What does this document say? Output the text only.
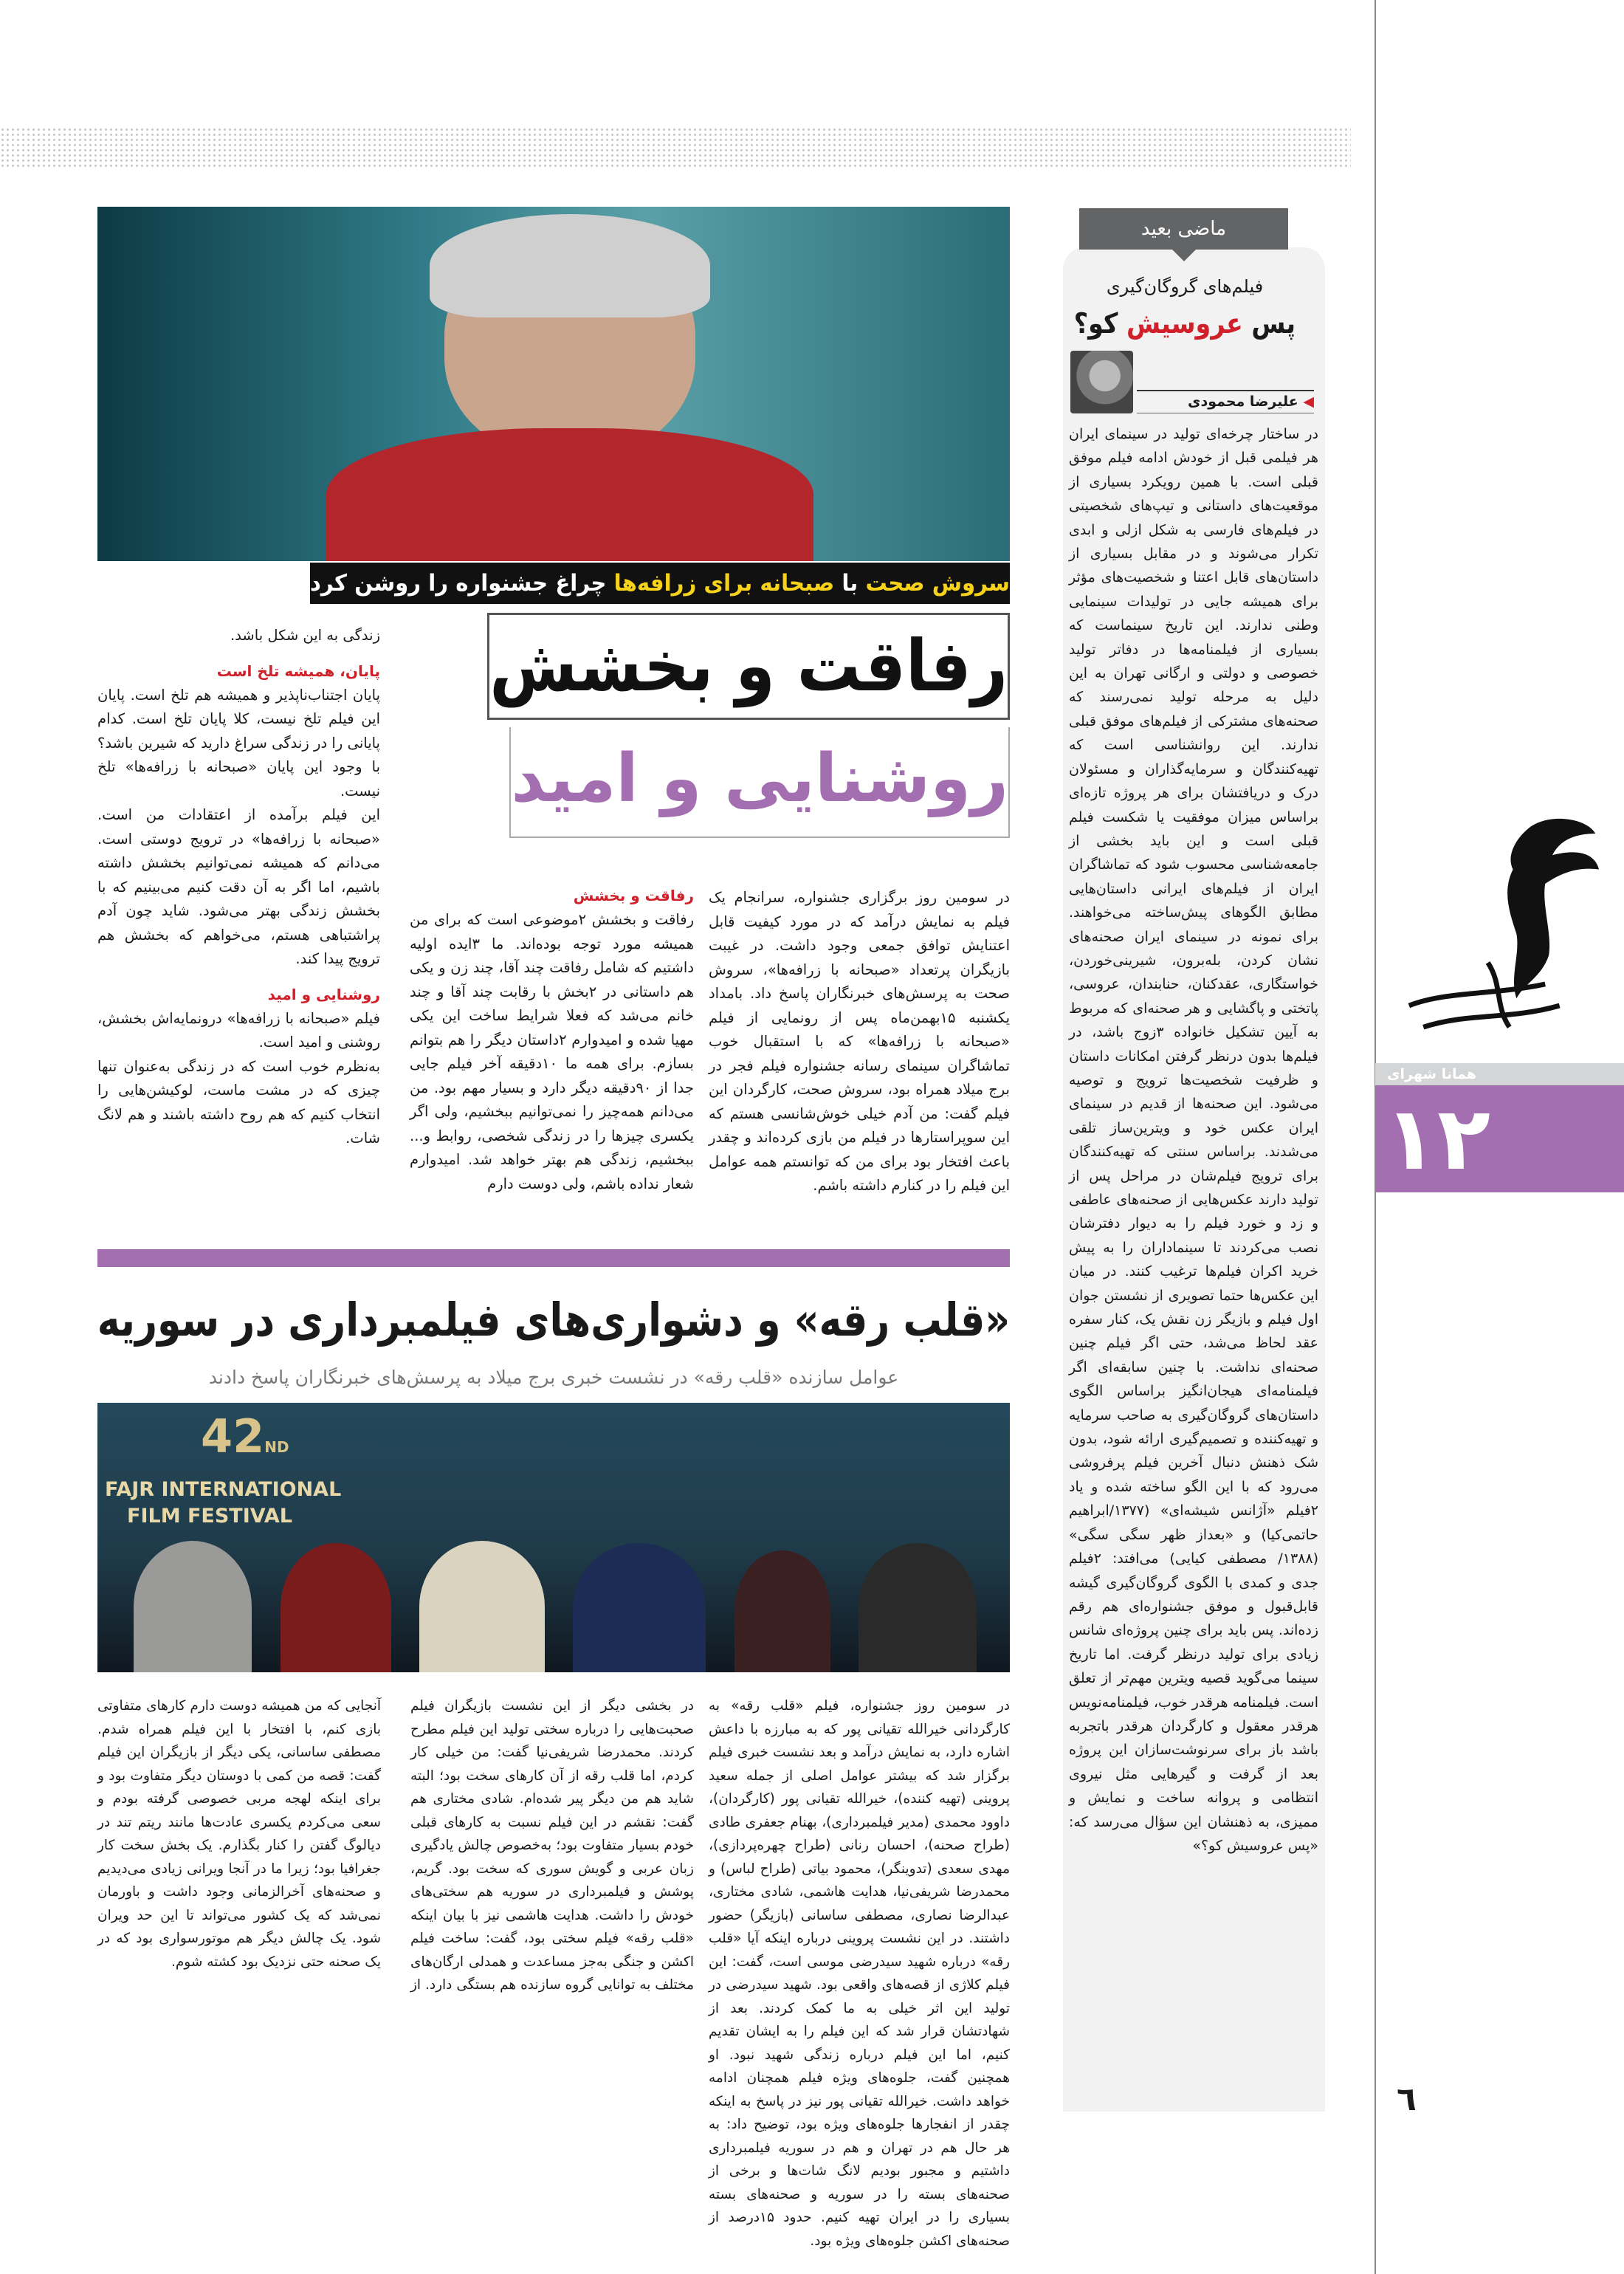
١٢
همانا شهرای
٦
ماضی بعید
فیلم‌های گروگان‌گیری
پس عروسیش کو؟
◀ علیرضا محمودی
در ساختار چرخه‌ای تولید در سینمای ایران هر فیلمی قبل از خودش ادامه فیلم موفق قبلی است. با همین رویکرد بسیاری از موقعیت‌های داستانی و تیپ‌های شخصیتی در فیلم‌های فارسی به شکل ازلی و ابدی تکرار می‌شوند و در مقابل بسیاری از داستان‌های قابل اعتنا و شخصیت‌های مؤثر برای همیشه جایی در تولیدات سینمایی وطنی ندارند. این تاریخ سینماست که بسیاری از فیلمنامه‌ها در دفاتر تولید خصوصی و دولتی و ارگانی تهران به این دلیل به مرحله تولید نمی‌رسند که صحنه‌های مشترکی از فیلم‌های موفق قبلی ندارند. این روانشناسی است که تهیه‌کنندگان و سرمایه‌گذاران و مسئولان درک و دریافتشان برای هر پروژه تازه‌ای براساس میزان موفقیت یا شکست فیلم قبلی است و این باید بخشی از جامعه‌شناسی محسوب شود که تماشاگران ایران از فیلم‌های ایرانی داستان‌هایی مطابق الگوهای پیش‌ساخته می‌خواهند. برای نمونه در سینمای ایران صحنه‌های نشان کردن، بله‌برون، شیرینی‌خوردن، خواستگاری، عقدکنان، حنابندان، عروسی، پاتختی و پاگشایی و هر صحنه‌ای که مربوط به آیین تشکیل خانواده ۳زوج باشد، در فیلم‌ها بدون درنظر گرفتن امکانات داستان و ظرفیت شخصیت‌ها ترویج و توصیه می‌شود. این صحنه‌ها از قدیم در سینمای ایران عکس خود و ویترین‌ساز تلقی می‌شدند. براساس سنتی که تهیه‌کنندگان برای ترویج فیلم‌شان در مراحل پس از تولید دارند عکس‌هایی از صحنه‌های عاطفی و زد و خورد فیلم را به دیوار دفترشان نصب می‌کردند تا سینماداران را به پیش خرید اکران فیلم‌ها ترغیب کنند. در میان این عکس‌ها حتما تصویری از نشستن جوان اول فیلم و بازیگر زن نقش یک، کنار سفره عقد لحاظ می‌شد، حتی اگر فیلم چنین صحنه‌ای نداشت. با چنین سابقه‌ای اگر فیلمنامه‌ای هیجان‌انگیز براساس الگوی داستان‌های گروگان‌گیری به صاحب سرمایه و تهیه‌کننده و تصمیم‌گیری ارائه شود، بدون شک ذهنش دنبال آخرین فیلم پرفروشی می‌رود که با این الگو ساخته شده و یاد ۲فیلم «آژانس شیشه‌ای» (۱۳۷۷/ابراهیم حاتمی‌کیا) و «بعداز ظهر سگی سگی» (۱۳۸۸/ مصطفی کیایی) می‌افتد: ۲فیلم جدی و کمدی با الگوی گروگان‌گیری گیشه قابل‌قبول و موفق جشنواره‌ای هم رقم زده‌اند. پس باید برای چنین پروژه‌ای شانس زیادی برای تولید درنظر گرفت. اما تاریخ سینما می‌گوید قصیه ویترین مهم‌تر از تعلق است. فیلمنامه هرقدر خوب، فیلمنامه‌نویس هرقدر معقول و کارگردان هرقدر باتجربه باشد باز برای سرنوشت‌سازان این پروژه بعد از گرفت و گیرهایی مثل نیروی انتظامی و پروانه ساخت و نمایش و ممیزی، به ذهنشان این سؤال می‌رسد که: «پس عروسیش کو؟»
سروش صحت با صبحانه برای زرافه‌ها چراغ جشنواره را روشن کرد
رفاقت و بخشش
روشنایی و امید

در سومین روز برگزاری جشنواره، سرانجام یک فیلم به نمایش درآمد که در مورد کیفیت قابل اعتنایش توافق جمعی وجود داشت. در غیبت بازیگران پرتعداد «صبحانه با زرافه‌ها»، سروش صحت به پرسش‌های خبرنگاران پاسخ داد. بامداد یکشنبه ۱۵بهمن‌ماه پس از رونمایی از فیلم «صبحانه با زرافه‌ها» که با استقبال خوب تماشاگران سینمای رسانه جشنواره فیلم فجر در برج میلاد همراه بود، سروش صحت، کارگردان این فیلم گفت: من آدم خیلی خوش‌شانسی هستم که این سوپراستارها در فیلم من بازی کرده‌اند و چقدر باعث افتخار بود برای من که توانستم همه عوامل این فیلم را در کنارم داشته باشم.

رفاقت و بخشش

رفاقت و بخشش ۲موضوعی است که برای من همیشه مورد توجه بوده‌اند. ما ۳ایده اولیه داشتیم که شامل رفاقت چند آقا، چند زن و یکی هم داستانی در ۲بخش با رقابت چند آقا و چند خانم می‌شد که فعلا شرایط ساخت این یکی مهیا شده و امیدوارم ۲داستان دیگر را هم بتوانم بسازم. برای همه ما ۱۰دقیقه آخر فیلم جایی جدا از ۹۰دقیقه دیگر دارد و بسیار مهم بود. من می‌دانم همه‌چیز را نمی‌توانیم ببخشیم، ولی اگر یکسری چیزها را در زندگی شخصی، روابط و... ببخشیم، زندگی هم بهتر خواهد شد. امیدوارم شعار نداده باشم، ولی دوست دارم

زندگی به این شکل باشد.

پایان، همیشه تلخ است

پایان اجتناب‌ناپذیر و همیشه هم تلخ است. پایان این فیلم تلخ نیست، کلا پایان تلخ است. کدام پایانی را در زندگی سراغ دارید که شیرین باشد؟ با وجود این پایان «صبحانه با زرافه‌ها» تلخ نیست.

این فیلم برآمده از اعتقادات من است. «صبحانه با زرافه‌ها» در ترویج دوستی است. می‌دانم که همیشه نمی‌توانیم بخشش داشته باشیم، اما اگر به آن دقت کنیم می‌بینیم که با بخشش زندگی بهتر می‌شود. شاید چون آدم پراشتباهی هستم، می‌خواهم که بخشش هم ترویج پیدا کند.

روشنایی و امید

فیلم «صبحانه با زرافه‌ها» درونمایه‌اش بخشش، روشنی و امید است.

به‌نظرم خوب است که در زندگی به‌عنوان تنها چیزی که در مشت ماست، لوکیشن‌هایی را انتخاب کنیم که هم روح داشته باشند و هم لانگ شات.

«قلب رقه» و دشواری‌های فیلمبرداری در سوریه
عوامل سازنده «قلب رقه» در نشست خبری برج میلاد به پرسش‌های خبرنگاران پاسخ دادند
42ND
FAJR INTERNATIONAL
FILM FESTIVAL
در سومین روز جشنواره، فیلم «قلب رقه» به کارگردانی خیرالله تقیانی پور که به مبارزه با داعش اشاره دارد، به نمایش درآمد و بعد نشست خبری فیلم برگزار شد که بیشتر عوامل اصلی از جمله سعید پروینی (تهیه کننده)، خیرالله تقیانی پور (کارگردان)، داوود محمدی (مدیر فیلمبرداری)، بهنام جعفری طادی (طراح صحنه)، احسان رنانی (طراح چهره‌پردازی)، مهدی سعدی (تدوینگر)، محمود بیاتی (طراح لباس) و محمدرضا شریفی‌نیا، هدایت هاشمی، شادی مختاری، عبدالرضا نصاری، مصطفی ساسانی (بازیگر) حضور داشتند. در این نشست پروینی درباره اینکه آیا «قلب رقه» درباره شهید سیدرضی موسی است، گفت: این فیلم کلاژی از قصه‌های واقعی بود. شهید سیدرضی در تولید این اثر خیلی به ما کمک کردند. بعد از شهادتشان قرار شد که این فیلم را به ایشان تقدیم کنیم، اما این فیلم درباره زندگی شهید نبود. او همچنین گفت، جلوه‌های ویژه فیلم همچنان ادامه خواهد داشت. خیرالله تقیانی پور نیز در پاسخ به اینکه چقدر از انفجارها جلوه‌های ویژه بود، توضیح داد: به هر حال هم در تهران و هم در سوریه فیلمبرداری داشتیم و مجبور بودیم لانگ شات‌ها و برخی از صحنه‌های بسته را در سوریه و صحنه‌های بسته بسیاری را در ایران تهیه کنیم. حدود ۱۵درصد از صحنه‌های اکشن جلوه‌های ویژه بود.
در بخشی دیگر از این نشست بازیگران فیلم صحبت‌هایی را درباره سختی تولید این فیلم مطرح کردند. محمدرضا شریفی‌نیا گفت: من خیلی کار کردم، اما قلب رقه از آن کارهای سخت بود؛ البته شاید هم من دیگر پیر شده‌ام. شادی مختاری هم گفت: نقشم در این فیلم نسبت به کارهای قبلی خودم بسیار متفاوت بود؛ به‌خصوص چالش یادگیری زبان عربی و گویش سوری که سخت بود. گریم، پوشش و فیلمبرداری در سوریه هم سختی‌های خودش را داشت. هدایت هاشمی نیز با بیان اینکه «قلب رقه» فیلم سختی بود، گفت: ساخت فیلم اکشن و جنگی به‌جز مساعدت و همدلی ارگان‌های مختلف به توانایی گروه سازنده هم بستگی دارد. از آنجایی که من همیشه دوست دارم کارهای متفاوتی بازی کنم، با افتخار با این فیلم همراه شدم. مصطفی ساسانی، یکی دیگر از بازیگران این فیلم گفت: قصه من کمی با دوستان دیگر متفاوت بود و برای اینکه لهجه مربی خصوصی گرفته بودم و سعی می‌کردم یکسری عادت‌ها مانند ریتم تند در دیالوگ گفتن را کنار بگذارم. یک بخش سخت کار جغرافیا بود؛ زیرا ما در آنجا ویرانی زیادی می‌دیدیم و صحنه‌های آخرالزمانی وجود داشت و باورمان نمی‌شد که یک کشور می‌تواند تا این حد ویران شود. یک چالش دیگر هم موتورسواری بود که در یک صحنه حتی نزدیک بود کشته شوم.
